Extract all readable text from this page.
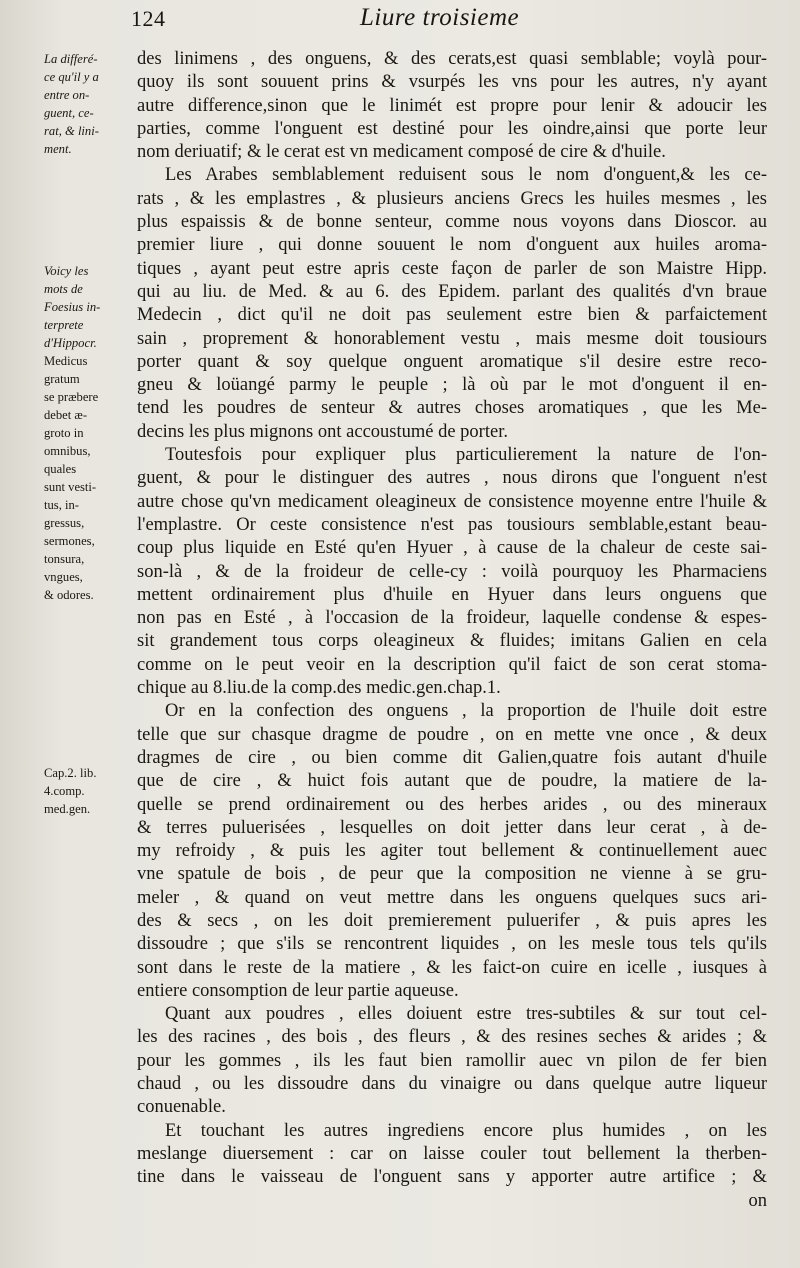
124	Liure troisieme
La differé-
ce qu'il y a
entre on-
guent, ce-
rat, & lini-
ment.
Voicy les
mots de
Foesius in-
terprete
d'Hippocr.
Medicus
gratum
se præbere
debet æ-
groto in
omnibus,
quales
sunt vesti-
tus, in-
gressus,
sermones,
tonsura,
vngues,
& odores.
Cap.2. lib.
4.comp.
med.gen.
des linimens , des onguens, & des cerats,est quasi semblable; voylà pour-
quoy ils sont souuent prins & vsurpés les vns pour les autres, n'y ayant
autre difference,sinon que le linimét est propre pour lenir & adoucir les
parties, comme l'onguent est destiné pour les oindre,ainsi que porte leur
nom deriuatif; & le cerat est vn medicament composé de cire & d'huile.
Les Arabes semblablement reduisent sous le nom d'onguent,& les ce-
rats , & les emplastres , & plusieurs anciens Grecs les huiles mesmes , les
plus espaissis & de bonne senteur, comme nous voyons dans Dioscor. au
premier liure , qui donne souuent le nom d'onguent aux huiles aroma-
tiques , ayant peut estre apris ceste façon de parler de son Maistre Hipp.
qui au liu. de Med. & au 6. des Epidem. parlant des qualités d'vn braue
Medecin , dict qu'il ne doit pas seulement estre bien & parfaictement
sain , proprement & honorablement vestu , mais mesme doit tousiours
porter quant & soy quelque onguent aromatique s'il desire estre reco-
gneu & loüangé parmy le peuple ; là où par le mot d'onguent il en-
tend les poudres de senteur & autres choses aromatiques , que les Me-
decins les plus mignons ont accoustumé de porter.
Toutesfois pour expliquer plus particulierement la nature de l'on-
guent, & pour le distinguer des autres , nous dirons que l'onguent n'est
autre chose qu'vn medicament oleagineux de consistence moyenne entre l'huile &
l'emplastre. Or ceste consistence n'est pas tousiours semblable,estant beau-
coup plus liquide en Esté qu'en Hyuer , à cause de la chaleur de ceste sai-
son-là , & de la froideur de celle-cy : voilà pourquoy les Pharmaciens
mettent ordinairement plus d'huile en Hyuer dans leurs onguens que
non pas en Esté , à l'occasion de la froideur, laquelle condense & espes-
sit grandement tous corps oleagineux & fluides; imitans Galien en cela
comme on le peut veoir en la description qu'il faict de son cerat stoma-
chique au 8.liu.de la comp.des medic.gen.chap.1.
Or en la confection des onguens , la proportion de l'huile doit estre
telle que sur chasque dragme de poudre , on en mette vne once , & deux
dragmes de cire , ou bien comme dit Galien,quatre fois autant d'huile
que de cire , & huict fois autant que de poudre, la matiere de la-
quelle se prend ordinairement ou des herbes arides , ou des mineraux
& terres puluerisées , lesquelles on doit jetter dans leur cerat , à de-
my refroidy , & puis les agiter tout bellement & continuellement auec
vne spatule de bois , de peur que la composition ne vienne à se gru-
meler , & quand on veut mettre dans les onguens quelques sucs ari-
des & secs , on les doit premierement puluerifer , & puis apres les
dissoudre ; que s'ils se rencontrent liquides , on les mesle tous tels qu'ils
sont dans le reste de la matiere , & les faict-on cuire en icelle , iusques à
entiere consomption de leur partie aqueuse.
Quant aux poudres , elles doiuent estre tres-subtiles & sur tout cel-
les des racines , des bois , des fleurs , & des resines seches & arides ; &
pour les gommes , ils les faut bien ramollir auec vn pilon de fer bien
chaud , ou les dissoudre dans du vinaigre ou dans quelque autre liqueur
conuenable.
Et touchant les autres ingrediens encore plus humides , on les
meslange diuersement : car on laisse couler tout bellement la therben-
tine dans le vaisseau de l'onguent sans y apporter autre artifice ; &
on
